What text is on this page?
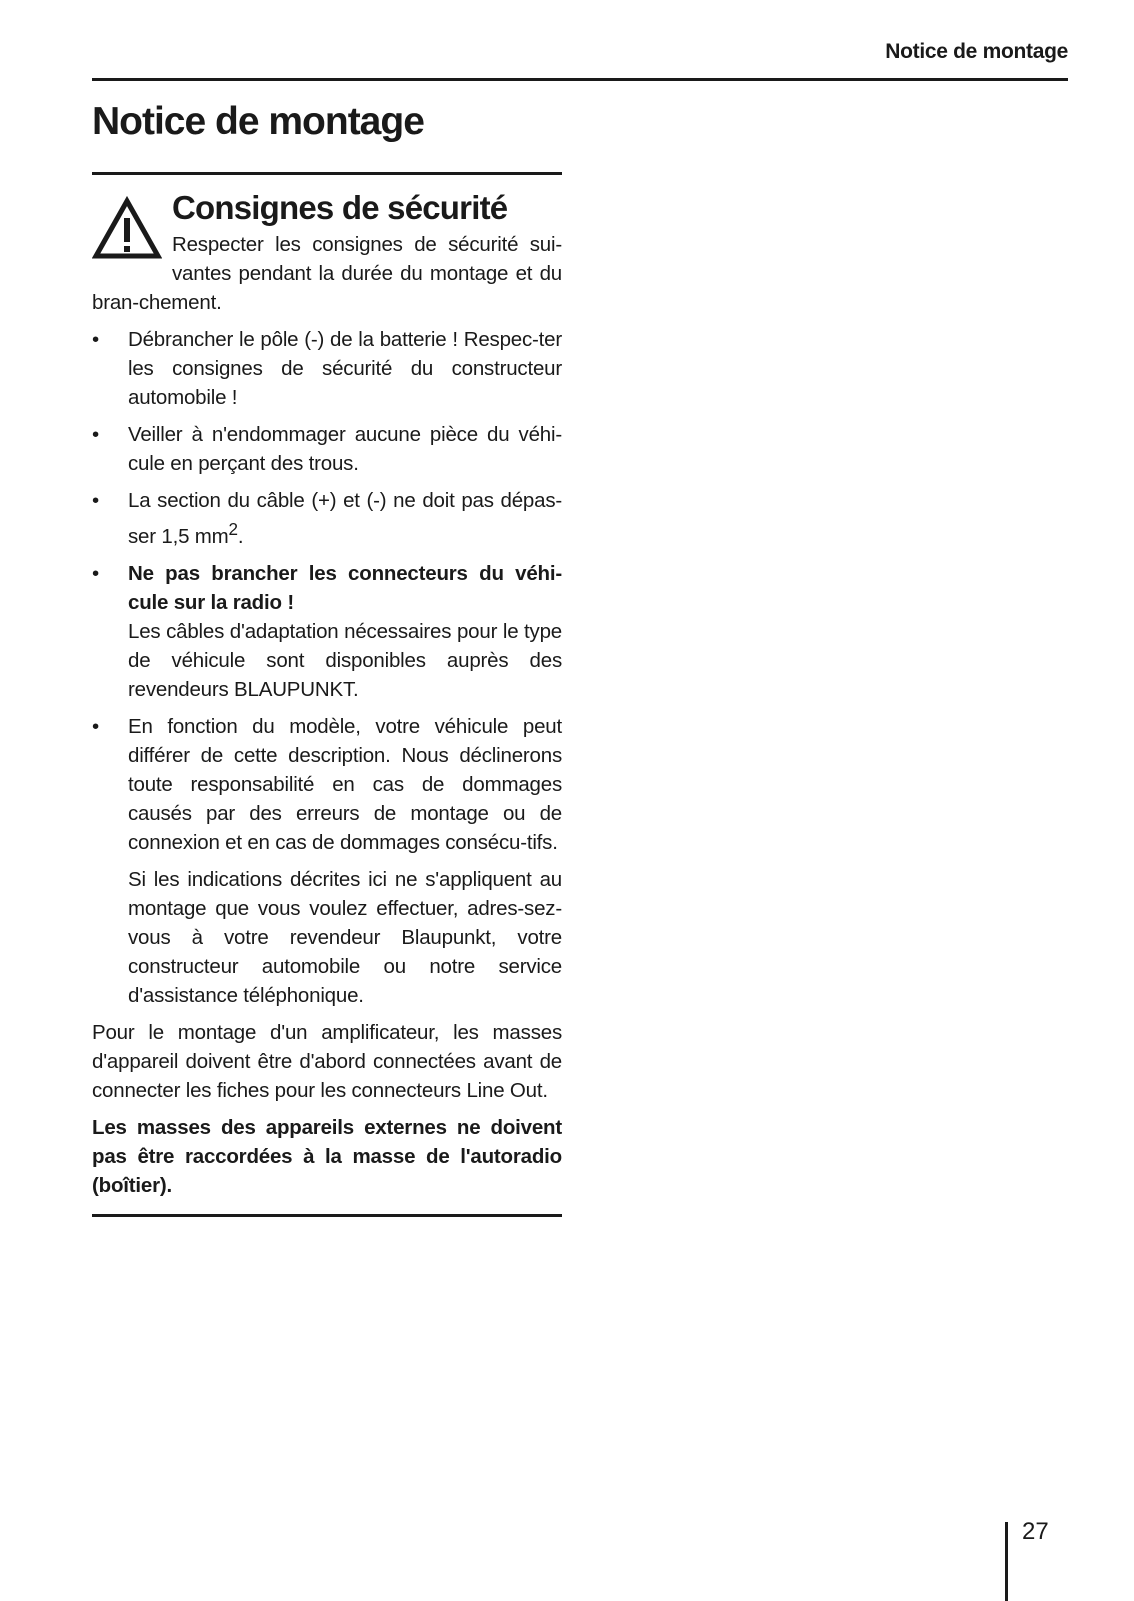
Notice de montage
Notice de montage
Consignes de sécurité

Respecter les consignes de sécurité sui-vantes pendant la durée du montage et du bran-chement.

• Débrancher le pôle (-) de la batterie ! Respec-ter les consignes de sécurité du constructeur automobile !
• Veiller à n'endommager aucune pièce du véhi-cule en perçant des trous.
• La section du câble (+) et (-) ne doit pas dépas-ser 1,5 $mm^2$.
• Ne pas brancher les connecteurs du véhi-cule sur la radio !
Les câbles d'adaptation nécessaires pour le type de véhicule sont disponibles auprès des revendeurs BLAUPUNKT.
• En fonction du modèle, votre véhicule peut différer de cette description. Nous déclinerons toute responsabilité en cas de dommages causés par des erreurs de montage ou de connexion et en cas de dommages consécu-tifs.
Si les indications décrites ici ne s'appliquent au montage que vous voulez effectuer, adres-sez-vous à votre revendeur Blaupunkt, votre constructeur automobile ou notre service d'assistance téléphonique.

Pour le montage d'un amplificateur, les masses d'appareil doivent être d'abord connectées avant de connecter les fiches pour les connecteurs Line Out.

Les masses des appareils externes ne doivent pas être raccordées à la masse de l'autoradio (boîtier).

27
